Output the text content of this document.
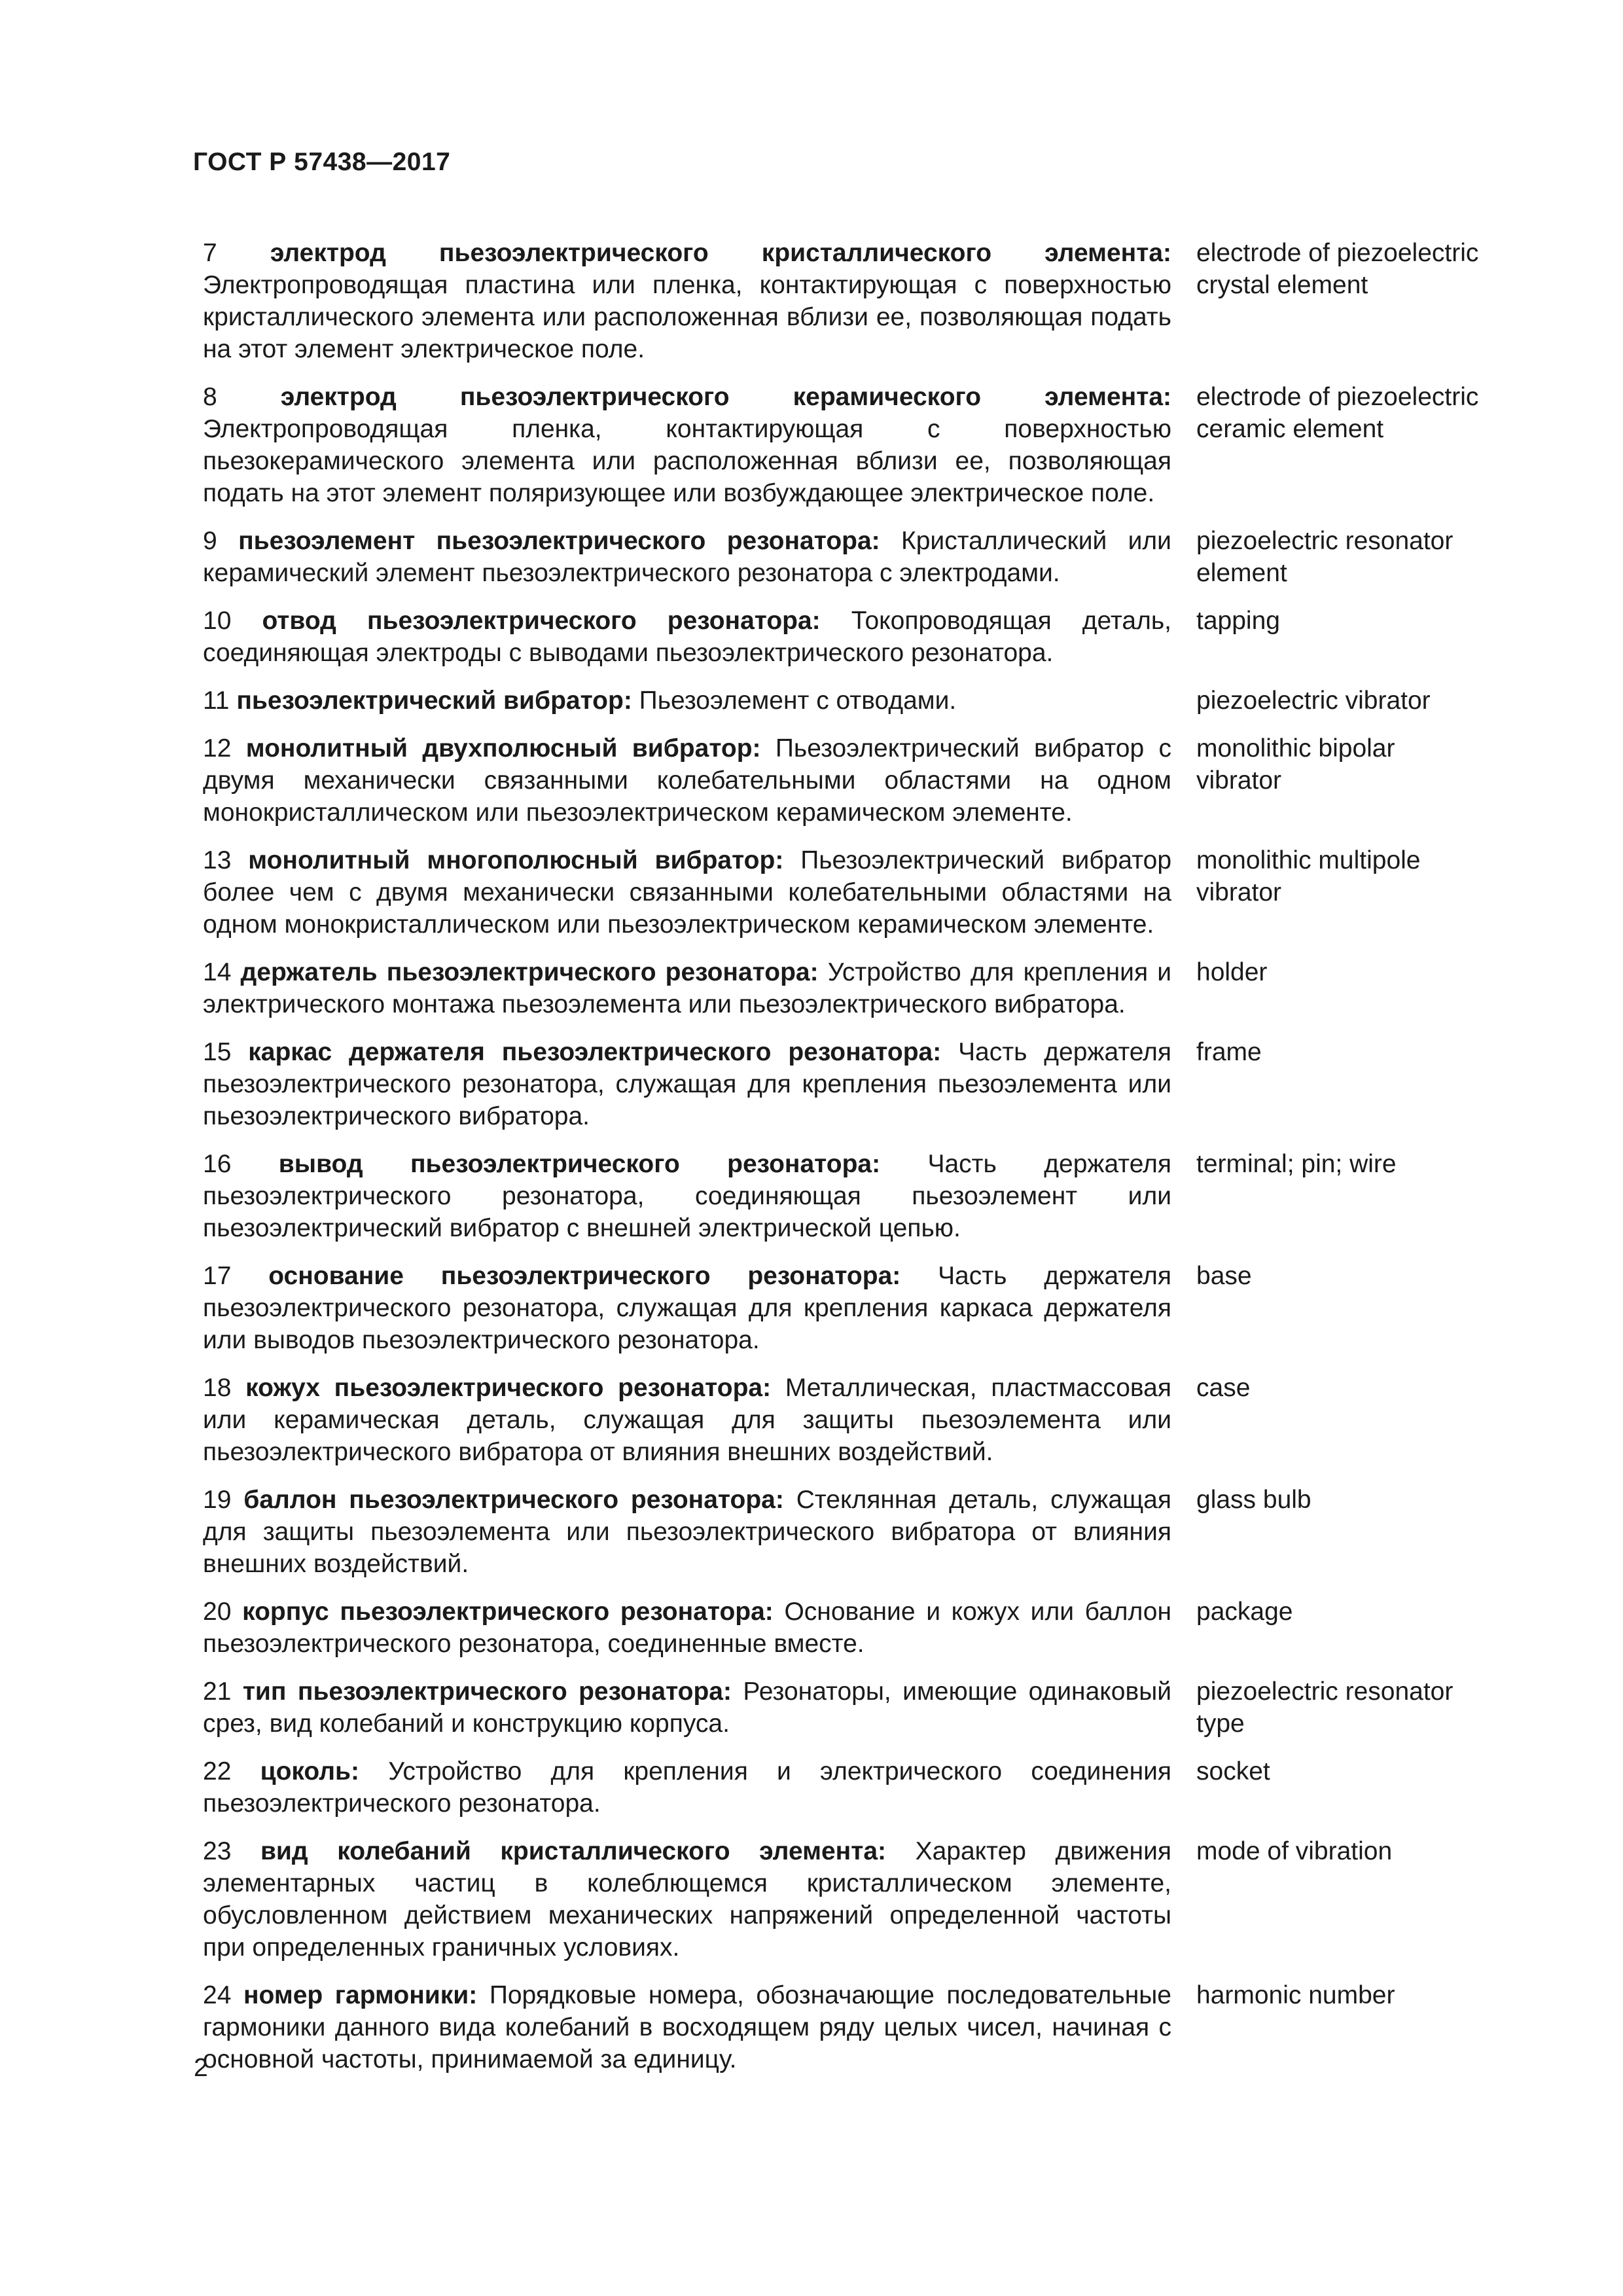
ГОСТ Р 57438—2017
7 электрод пьезоэлектрического кристаллического элемента: Электропроводящая пластина или пленка, контактирующая с поверхностью кристаллического элемента или расположенная вблизи ее, позволяющая подать на этот элемент электрическое поле.
electrode of piezoelectric crystal element
8 электрод пьезоэлектрического керамического элемента: Электропроводящая пленка, контактирующая с поверхностью пьезокерамического элемента или расположенная вблизи ее, позволяющая подать на этот элемент поляризующее или возбуждающее электрическое поле.
electrode of piezoelectric ceramic element
9 пьезоэлемент пьезоэлектрического резонатора: Кристаллический или керамический элемент пьезоэлектрического резонатора с электродами.
piezoelectric resonator element
10 отвод пьезоэлектрического резонатора: Токопроводящая деталь, соединяющая электроды с выводами пьезоэлектрического резонатора.
tapping
11 пьезоэлектрический вибратор: Пьезоэлемент с отводами.	piezoelectric vibrator
12 монолитный двухполюсный вибратор: Пьезоэлектрический вибратор с двумя механически связанными колебательными областями на одном монокристаллическом или пьезоэлектрическом керамическом элементе.
monolithic bipolar vibrator
13 монолитный многополюсный вибратор: Пьезоэлектрический вибратор более чем с двумя механически связанными колебательными областями на одном монокристаллическом или пьезоэлектрическом керамическом элементе.
monolithic multipole vibrator
14 держатель пьезоэлектрического резонатора: Устройство для крепления и электрического монтажа пьезоэлемента или пьезоэлектрического вибратора.
holder
15 каркас держателя пьезоэлектрического резонатора: Часть держателя пьезоэлектрического резонатора, служащая для крепления пьезоэлемента или пьезоэлектрического вибратора.
frame
16 вывод пьезоэлектрического резонатора: Часть держателя пьезоэлектрического резонатора, соединяющая пьезоэлемент или пьезоэлектрический вибратор с внешней электрической цепью.
terminal; pin; wire
17 основание пьезоэлектрического резонатора: Часть держателя пьезоэлектрического резонатора, служащая для крепления каркаса держателя или выводов пьезоэлектрического резонатора.
base
18 кожух пьезоэлектрического резонатора: Металлическая, пластмассовая или керамическая деталь, служащая для защиты пьезоэлемента или пьезоэлектрического вибратора от влияния внешних воздействий.
case
19 баллон пьезоэлектрического резонатора: Стеклянная деталь, служащая для защиты пьезоэлемента или пьезоэлектрического вибратора от влияния внешних воздействий.
glass bulb
20 корпус пьезоэлектрического резонатора: Основание и кожух или баллон пьезоэлектрического резонатора, соединенные вместе.
package
21 тип пьезоэлектрического резонатора: Резонаторы, имеющие одинаковый срез, вид колебаний и конструкцию корпуса.
piezoelectric resonator type
22 цоколь: Устройство для крепления и электрического соединения пьезоэлектрического резонатора.
socket
23 вид колебаний кристаллического элемента: Характер движения элементарных частиц в колеблющемся кристаллическом элементе, обусловленном действием механических напряжений определенной частоты при определенных граничных условиях.
mode of vibration
24 номер гармоники: Порядковые номера, обозначающие последовательные гармоники данного вида колебаний в восходящем ряду целых чисел, начиная с основной частоты, принимаемой за единицу.
harmonic number
2
